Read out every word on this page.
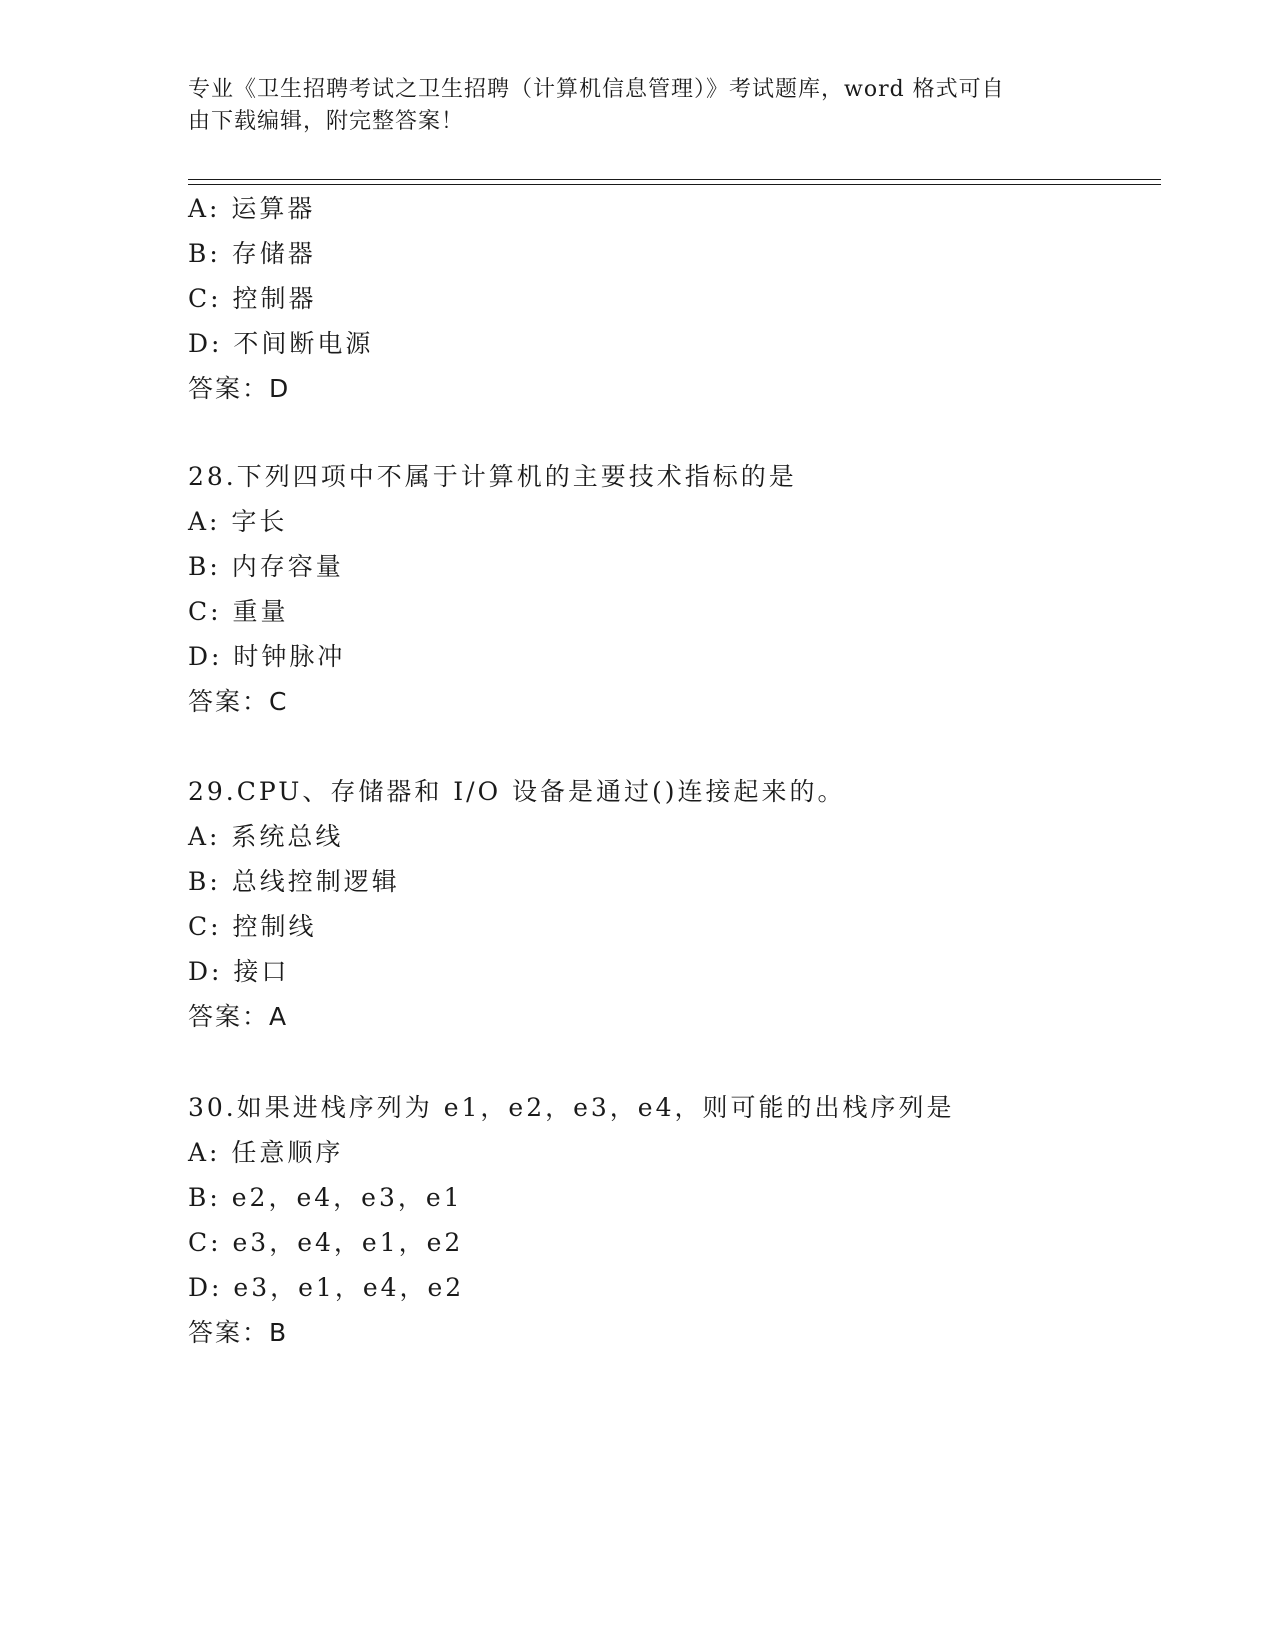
专业《卫生招聘考试之卫生招聘（计算机信息管理）》考试题库，word 格式可自
由下载编辑，附完整答案！
A: 运算器
B: 存储器
C: 控制器
D: 不间断电源
答案：D
28.下列四项中不属于计算机的主要技术指标的是
A: 字长
B: 内存容量
C: 重量
D: 时钟脉冲
答案：C
29.CPU、存储器和 I/O 设备是通过()连接起来的。
A: 系统总线
B: 总线控制逻辑
C: 控制线
D: 接口
答案：A
30.如果进栈序列为 e1，e2，e3，e4，则可能的出栈序列是
A: 任意顺序
B: e2，e4，e3，e1
C: e3，e4，e1，e2
D: e3，e1，e4，e2
答案：B
